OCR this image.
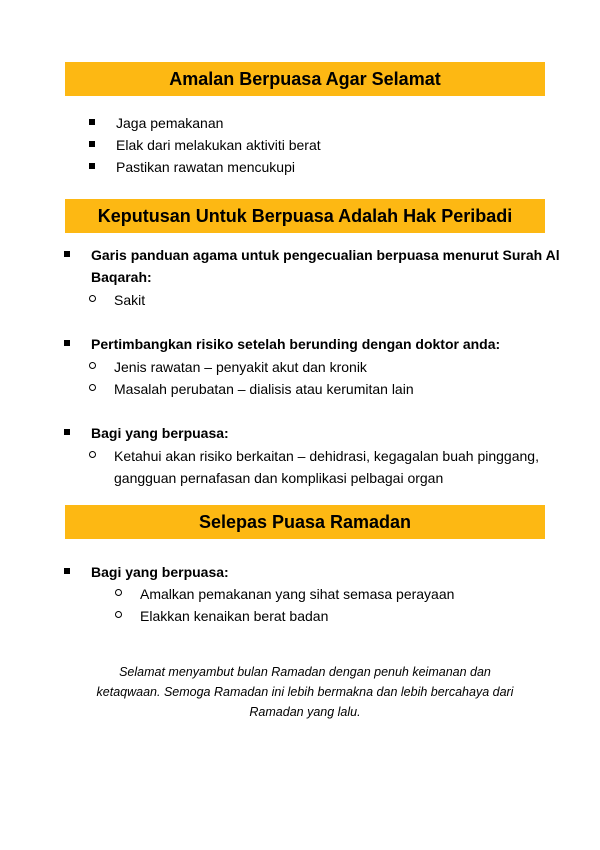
Amalan Berpuasa Agar Selamat
Jaga pemakanan
Elak dari melakukan aktiviti berat
Pastikan rawatan mencukupi
Keputusan Untuk Berpuasa Adalah Hak Peribadi
Garis panduan agama untuk pengecualian berpuasa menurut Surah Al
Baqarah:
Sakit
Pertimbangkan risiko setelah berunding dengan doktor anda:
Jenis rawatan – penyakit akut dan kronik
Masalah perubatan – dialisis atau kerumitan lain
Bagi yang berpuasa:
Ketahui akan risiko berkaitan – dehidrasi, kegagalan buah pinggang,
gangguan pernafasan dan komplikasi pelbagai organ
Selepas Puasa Ramadan
Bagi yang berpuasa:
Amalkan pemakanan yang sihat semasa perayaan
Elakkan kenaikan berat badan
Selamat menyambut bulan Ramadan dengan penuh keimanan dan
ketaqwaan. Semoga Ramadan ini lebih bermakna dan lebih bercahaya dari
Ramadan yang lalu.
